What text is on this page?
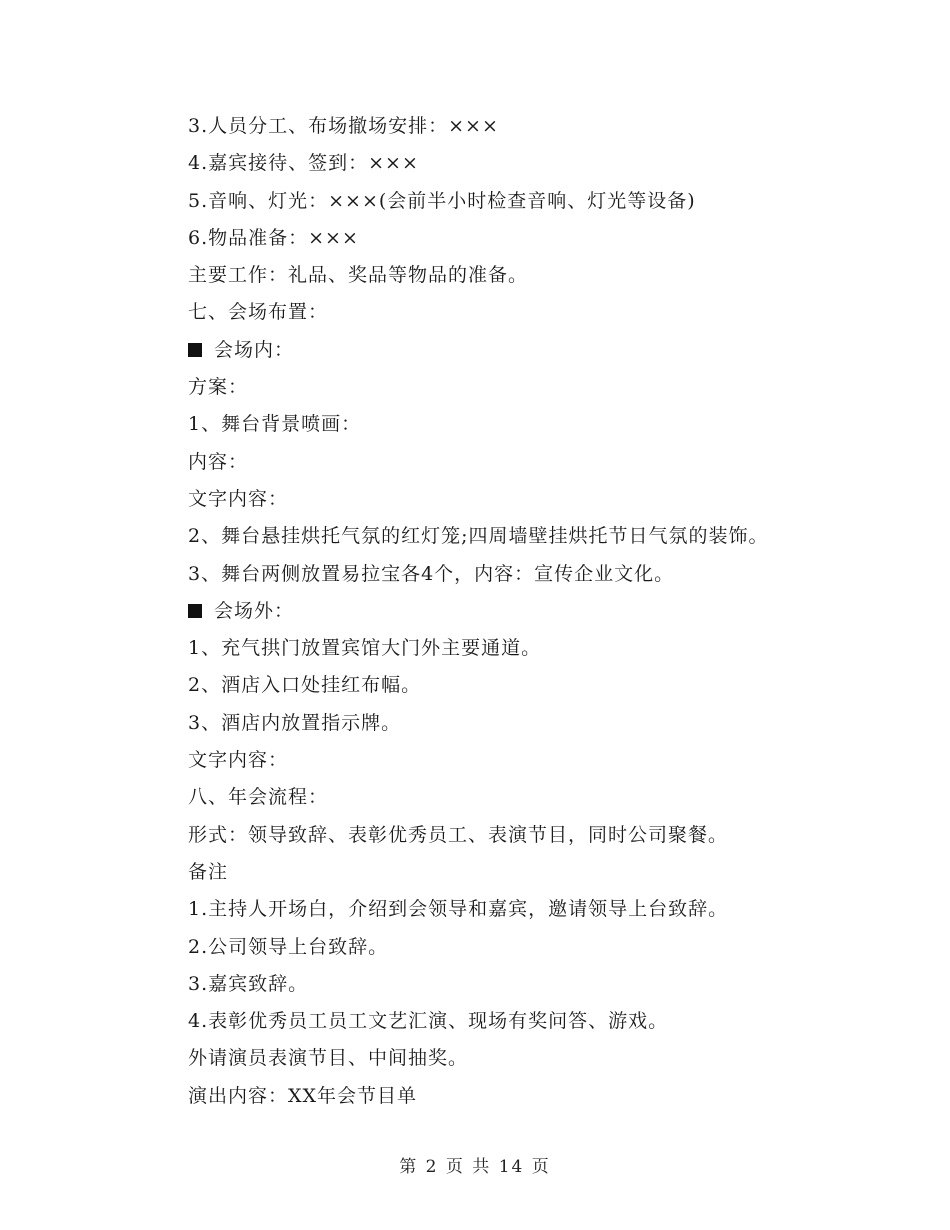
3.人员分工、布场撤场安排：×××
4.嘉宾接待、签到：×××
5.音响、灯光：×××(会前半小时检查音响、灯光等设备)
6.物品准备：×××
主要工作：礼品、奖品等物品的准备。
七、会场布置：
会场内：
方案：
1、舞台背景喷画：
内容：
文字内容：
2、舞台悬挂烘托气氛的红灯笼;四周墙壁挂烘托节日气氛的装饰。
3、舞台两侧放置易拉宝各4个，内容：宣传企业文化。
会场外：
1、充气拱门放置宾馆大门外主要通道。
2、酒店入口处挂红布幅。
3、酒店内放置指示牌。
文字内容：
八、年会流程：
形式：领导致辞、表彰优秀员工、表演节目，同时公司聚餐。
备注
1.主持人开场白，介绍到会领导和嘉宾，邀请领导上台致辞。
2.公司领导上台致辞。
3.嘉宾致辞。
4.表彰优秀员工员工文艺汇演、现场有奖问答、游戏。
外请演员表演节目、中间抽奖。
演出内容：XX年会节目单
第 2 页 共 14 页
